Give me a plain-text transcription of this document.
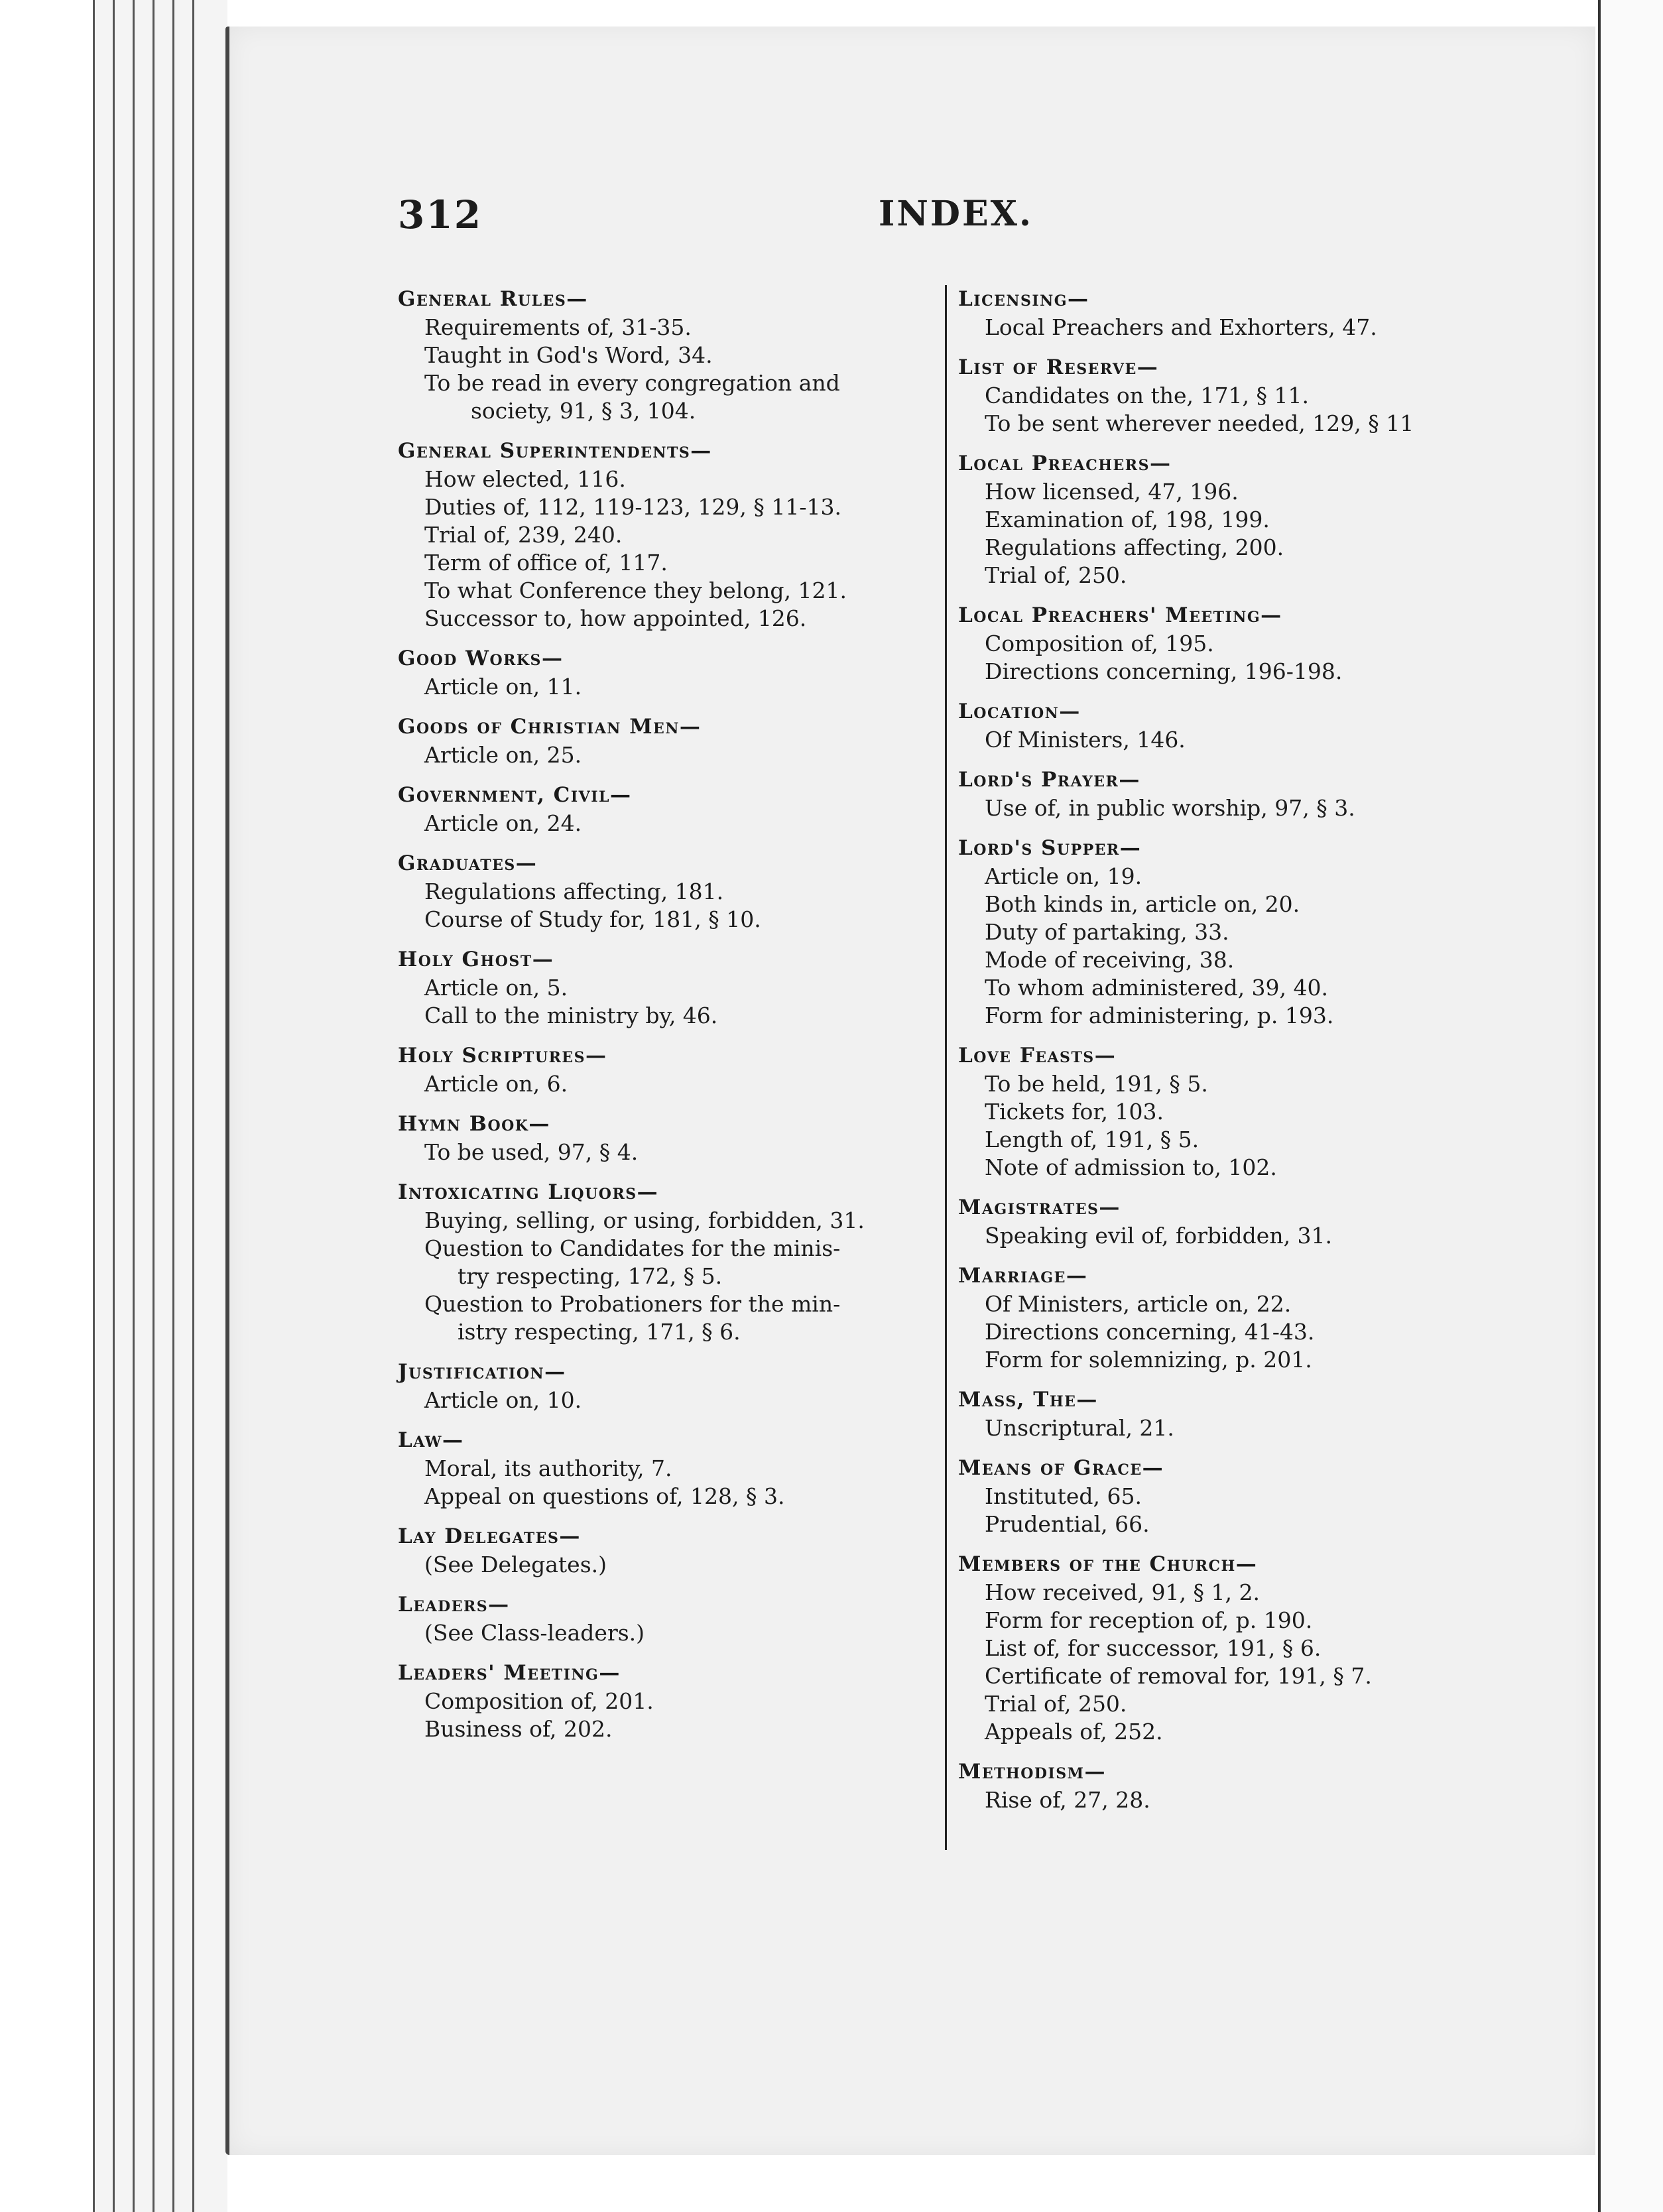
312	INDEX.
General Rules—
Requirements of, 31-35.
Taught in God's Word, 34.
To be read in every congregation and
society, 91, § 3, 104.
General Superintendents—
How elected, 116.
Duties of, 112, 119-123, 129, § 11-13.
Trial of, 239, 240.
Term of office of, 117.
To what Conference they belong, 121.
Successor to, how appointed, 126.
Good Works—
Article on, 11.
Goods of Christian Men—
Article on, 25.
Government, Civil—
Article on, 24.
Graduates—
Regulations affecting, 181.
Course of Study for, 181, § 10.
Holy Ghost—
Article on, 5.
Call to the ministry by, 46.
Holy Scriptures—
Article on, 6.
Hymn Book—
To be used, 97, § 4.
Intoxicating Liquors—
Buying, selling, or using, forbidden, 31.
Question to Candidates for the minis-
try respecting, 172, § 5.
Question to Probationers for the min-
istry respecting, 171, § 6.
Justification—
Article on, 10.
Law—
Moral, its authority, 7.
Appeal on questions of, 128, § 3.
Lay Delegates—
(See Delegates.)
Leaders—
(See Class-leaders.)
Leaders' Meeting—
Composition of, 201.
Business of, 202.
Licensing—
Local Preachers and Exhorters, 47.
List of Reserve—
Candidates on the, 171, § 11.
To be sent wherever needed, 129, § 11
Local Preachers—
How licensed, 47, 196.
Examination of, 198, 199.
Regulations affecting, 200.
Trial of, 250.
Local Preachers' Meeting—
Composition of, 195.
Directions concerning, 196-198.
Location—
Of Ministers, 146.
Lord's Prayer—
Use of, in public worship, 97, § 3.
Lord's Supper—
Article on, 19.
Both kinds in, article on, 20.
Duty of partaking, 33.
Mode of receiving, 38.
To whom administered, 39, 40.
Form for administering, p. 193.
Love Feasts—
To be held, 191, § 5.
Tickets for, 103.
Length of, 191, § 5.
Note of admission to, 102.
Magistrates—
Speaking evil of, forbidden, 31.
Marriage—
Of Ministers, article on, 22.
Directions concerning, 41-43.
Form for solemnizing, p. 201.
Mass, The—
Unscriptural, 21.
Means of Grace—
Instituted, 65.
Prudential, 66.
Members of the Church—
How received, 91, § 1, 2.
Form for reception of, p. 190.
List of, for successor, 191, § 6.
Certificate of removal for, 191, § 7.
Trial of, 250.
Appeals of, 252.
Methodism—
Rise of, 27, 28.
